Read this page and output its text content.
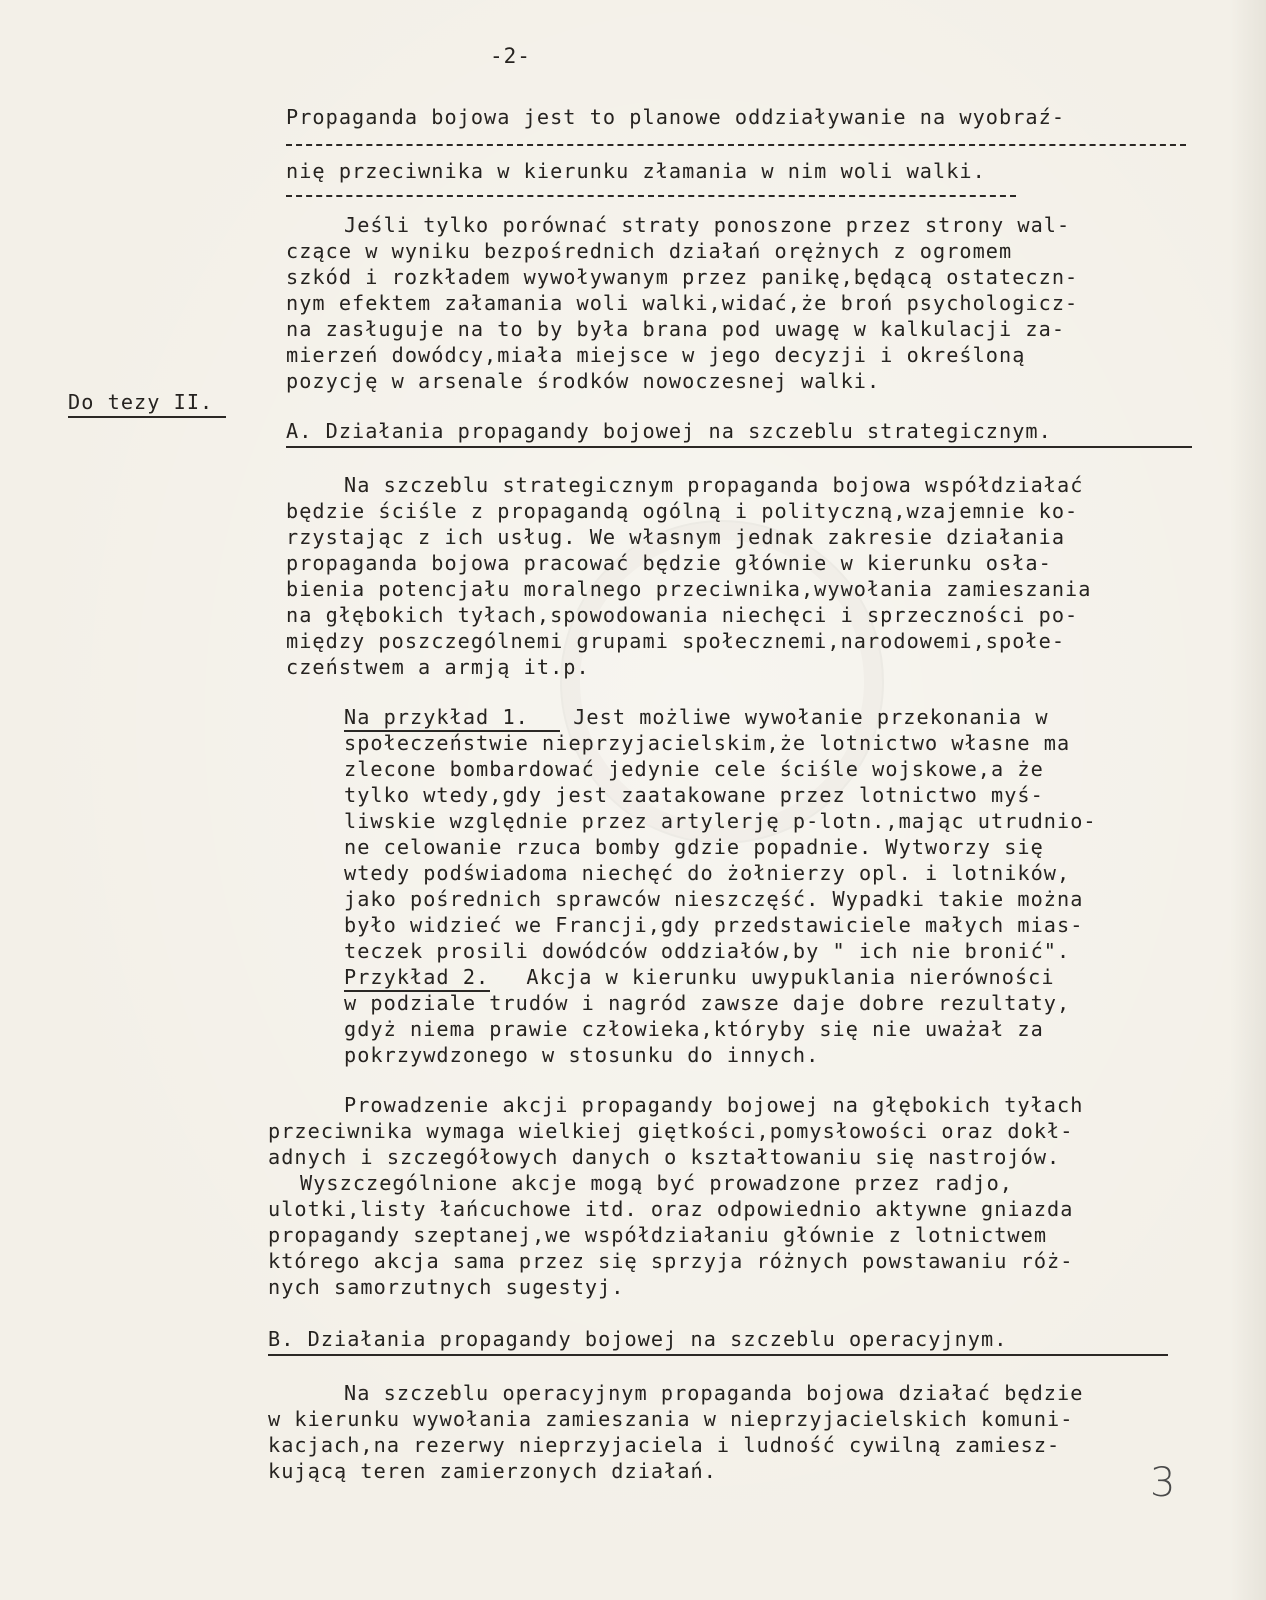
-2-
Propaganda bojowa jest to planowe oddziaływanie na wyobraź-
nię przeciwnika w kierunku złamania w nim woli walki.
Jeśli tylko porównać straty ponoszone przez strony wal-
czące w wyniku bezpośrednich działań orężnych z ogromem
szkód i rozkładem wywoływanym przez panikę,będącą ostateczn-
nym efektem załamania woli walki,widać,że broń psychologicz-
na zasługuje na to by była brana pod uwagę w kalkulacji za-
mierzeń dowódcy,miała miejsce w jego decyzji i określoną
pozycję w arsenale środków nowoczesnej walki.
Do tezy II.
A. Działania propagandy bojowej na szczeblu strategicznym.
Na szczeblu strategicznym propaganda bojowa współdziałać
będzie ściśle z propagandą ogólną i polityczną,wzajemnie ko-
rzystając z ich usług. We własnym jednak zakresie działania
propaganda bojowa pracować będzie głównie w kierunku osła-
bienia potencjału moralnego przeciwnika,wywołania zamieszania
na głębokich tyłach,spowodowania niechęci i sprzeczności po-
między poszczególnemi grupami społecznemi,narodowemi,społe-
czeństwem a armją it.p.
Na przykład 1. Jest możliwe wywołanie przekonania w
społeczeństwie nieprzyjacielskim,że lotnictwo własne ma
zlecone bombardować jedynie cele ściśle wojskowe,a że
tylko wtedy,gdy jest zaatakowane przez lotnictwo myś-
liwskie względnie przez artylerję p-lotn.,mając utrudnio-
ne celowanie rzuca bomby gdzie popadnie. Wytworzy się
wtedy podświadoma niechęć do żołnierzy opl. i lotników,
jako pośrednich sprawców nieszczęść. Wypadki takie można
było widzieć we Francji,gdy przedstawiciele małych mias-
teczek prosili dowódców oddziałów,by " ich nie bronić".
Przykład 2. Akcja w kierunku uwypuklania nierówności
w podziale trudów i nagród zawsze daje dobre rezultaty,
gdyż niema prawie człowieka,któryby się nie uważał za
pokrzywdzonego w stosunku do innych.
Prowadzenie akcji propagandy bojowej na głębokich tyłach
przeciwnika wymaga wielkiej giętkości,pomysłowości oraz dokł-
adnych i szczegółowych danych o kształtowaniu się nastrojów.
Wyszczególnione akcje mogą być prowadzone przez radjo,
ulotki,listy łańcuchowe itd. oraz odpowiednio aktywne gniazda
propagandy szeptanej,we współdziałaniu głównie z lotnictwem
którego akcja sama przez się sprzyja różnych powstawaniu róż-
nych samorzutnych sugestyj.
B. Działania propagandy bojowej na szczeblu operacyjnym.
Na szczeblu operacyjnym propaganda bojowa działać będzie
w kierunku wywołania zamieszania w nieprzyjacielskich komuni-
kacjach,na rezerwy nieprzyjaciela i ludność cywilną zamiesz-
kującą teren zamierzonych działań.	3
